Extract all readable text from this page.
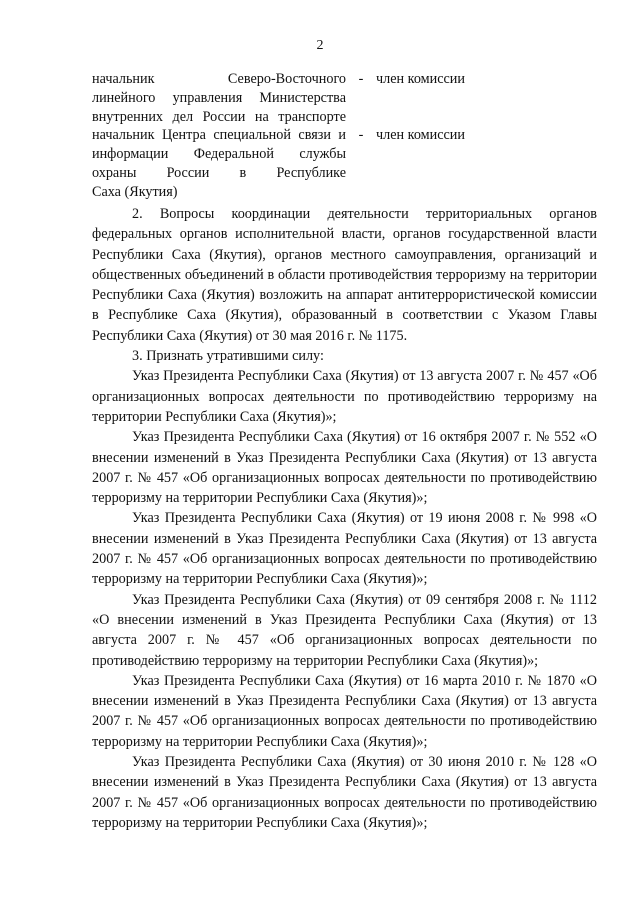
2
начальник Северо-Восточного
линейного управления Министерства
внутренних дел России на транспорте
- член комиссии
начальник Центра специальной связи и
информации Федеральной службы
охраны России в Республике
Саха (Якутия)
- член комиссии

2. Вопросы координации деятельности территориальных органов федеральных органов исполнительной власти, органов государственной власти Республики Саха (Якутия), органов местного самоуправления, организаций и общественных объединений в области противодействия терроризму на территории Республики Саха (Якутия) возложить на аппарат антитеррористической комиссии в Республике Саха (Якутия), образованный в соответствии с Указом Главы Республики Саха (Якутия) от 30 мая 2016 г. № 1175.

3. Признать утратившими силу:

Указ Президента Республики Саха (Якутия) от 13 августа 2007 г. № 457 «Об организационных вопросах деятельности по противодействию терроризму на территории Республики Саха (Якутия)»;

Указ Президента Республики Саха (Якутия) от 16 октября 2007 г. № 552 «О внесении изменений в Указ Президента Республики Саха (Якутия) от 13 августа 2007 г. № 457 «Об организационных вопросах деятельности по противодействию терроризму на территории Республики Саха (Якутия)»;

Указ Президента Республики Саха (Якутия) от 19 июня 2008 г. № 998 «О внесении изменений в Указ Президента Республики Саха (Якутия) от 13 августа 2007 г. № 457 «Об организационных вопросах деятельности по противодействию терроризму на территории Республики Саха (Якутия)»;

Указ Президента Республики Саха (Якутия) от 09 сентября 2008 г. № 1112 «О внесении изменений в Указ Президента Республики Саха (Якутия) от 13 августа 2007 г. № 457 «Об организационных вопросах деятельности по противодействию терроризму на территории Республики Саха (Якутия)»;

Указ Президента Республики Саха (Якутия) от 16 марта 2010 г. № 1870 «О внесении изменений в Указ Президента Республики Саха (Якутия) от 13 августа 2007 г. № 457 «Об организационных вопросах деятельности по противодействию терроризму на территории Республики Саха (Якутия)»;

Указ Президента Республики Саха (Якутия) от 30 июня 2010 г. № 128 «О внесении изменений в Указ Президента Республики Саха (Якутия) от 13 августа 2007 г. № 457 «Об организационных вопросах деятельности по противодействию терроризму на территории Республики Саха (Якутия)»;
